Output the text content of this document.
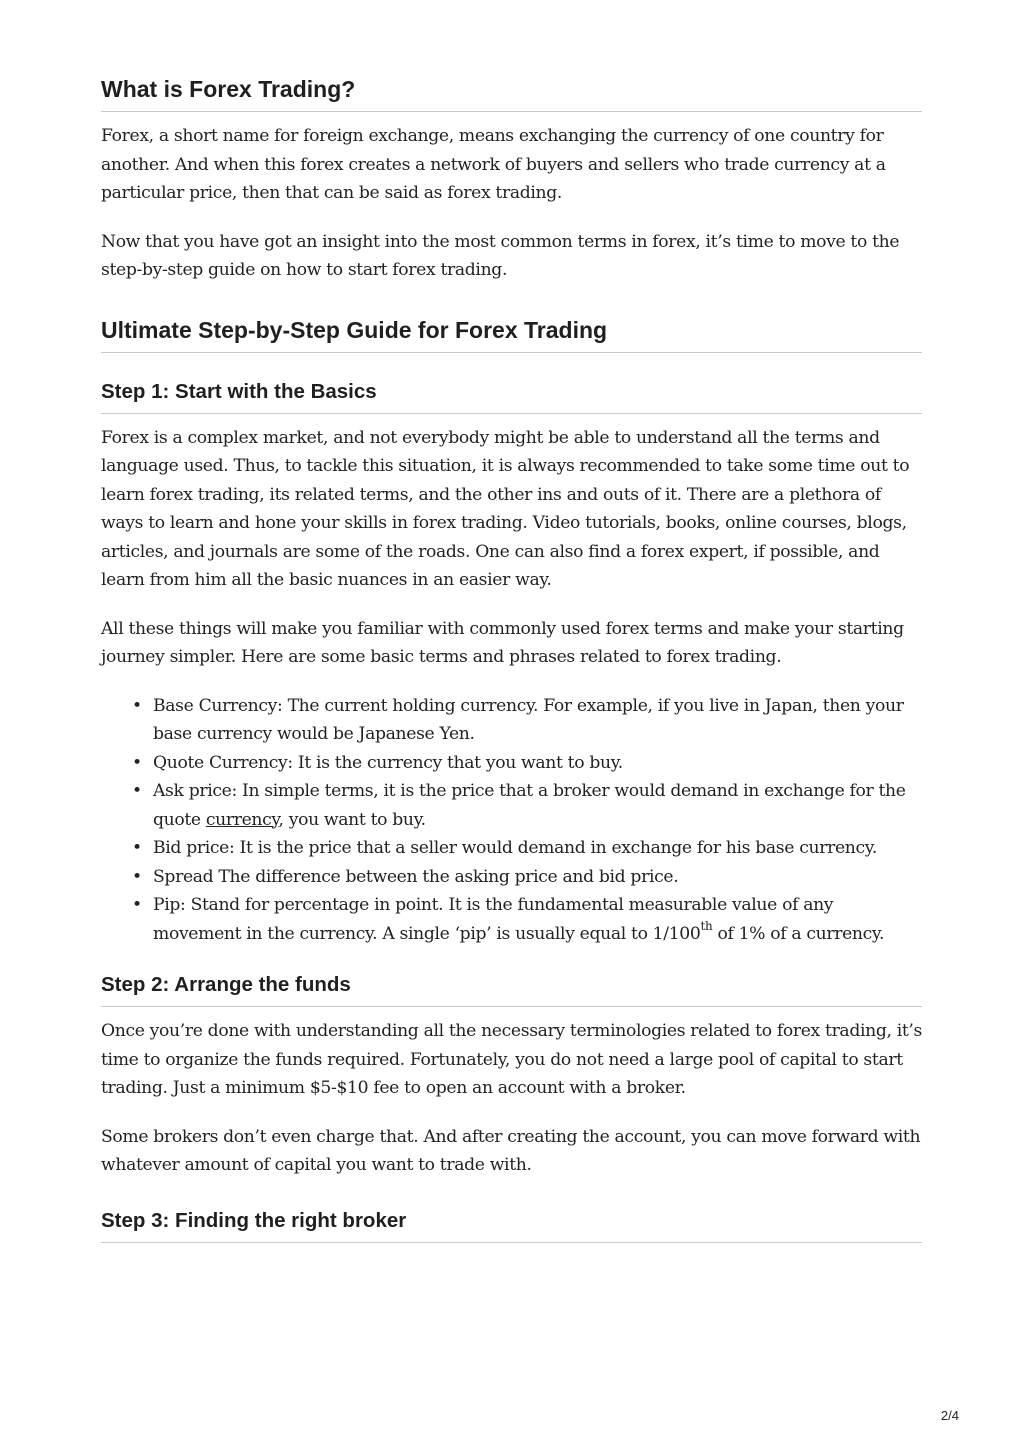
What is Forex Trading?

Forex, a short name for foreign exchange, means exchanging the currency of one country for another. And when this forex creates a network of buyers and sellers who trade currency at a particular price, then that can be said as forex trading.

Now that you have got an insight into the most common terms in forex, it’s time to move to the step-by-step guide on how to start forex trading.

Ultimate Step-by-Step Guide for Forex Trading
Step 1: Start with the Basics

Forex is a complex market, and not everybody might be able to understand all the terms and language used. Thus, to tackle this situation, it is always recommended to take some time out to learn forex trading, its related terms, and the other ins and outs of it. There are a plethora of ways to learn and hone your skills in forex trading. Video tutorials, books, online courses, blogs, articles, and journals are some of the roads. One can also find a forex expert, if possible, and learn from him all the basic nuances in an easier way.

All these things will make you familiar with commonly used forex terms and make your starting journey simpler. Here are some basic terms and phrases related to forex trading.

• Base Currency: The current holding currency. For example, if you live in Japan, then your base currency would be Japanese Yen.
• Quote Currency: It is the currency that you want to buy.
• Ask price: In simple terms, it is the price that a broker would demand in exchange for the quote currency, you want to buy.
• Bid price: It is the price that a seller would demand in exchange for his base currency.
• Spread The difference between the asking price and bid price.
• Pip: Stand for percentage in point. It is the fundamental measurable value of any movement in the currency. A single ‘pip’ is usually equal to 1/100th of 1% of a currency.
Step 2: Arrange the funds

Once you’re done with understanding all the necessary terminologies related to forex trading, it’s time to organize the funds required. Fortunately, you do not need a large pool of capital to start trading. Just a minimum $5-$10 fee to open an account with a broker.

Some brokers don’t even charge that. And after creating the account, you can move forward with whatever amount of capital you want to trade with.

Step 3: Finding the right broker
2/4
